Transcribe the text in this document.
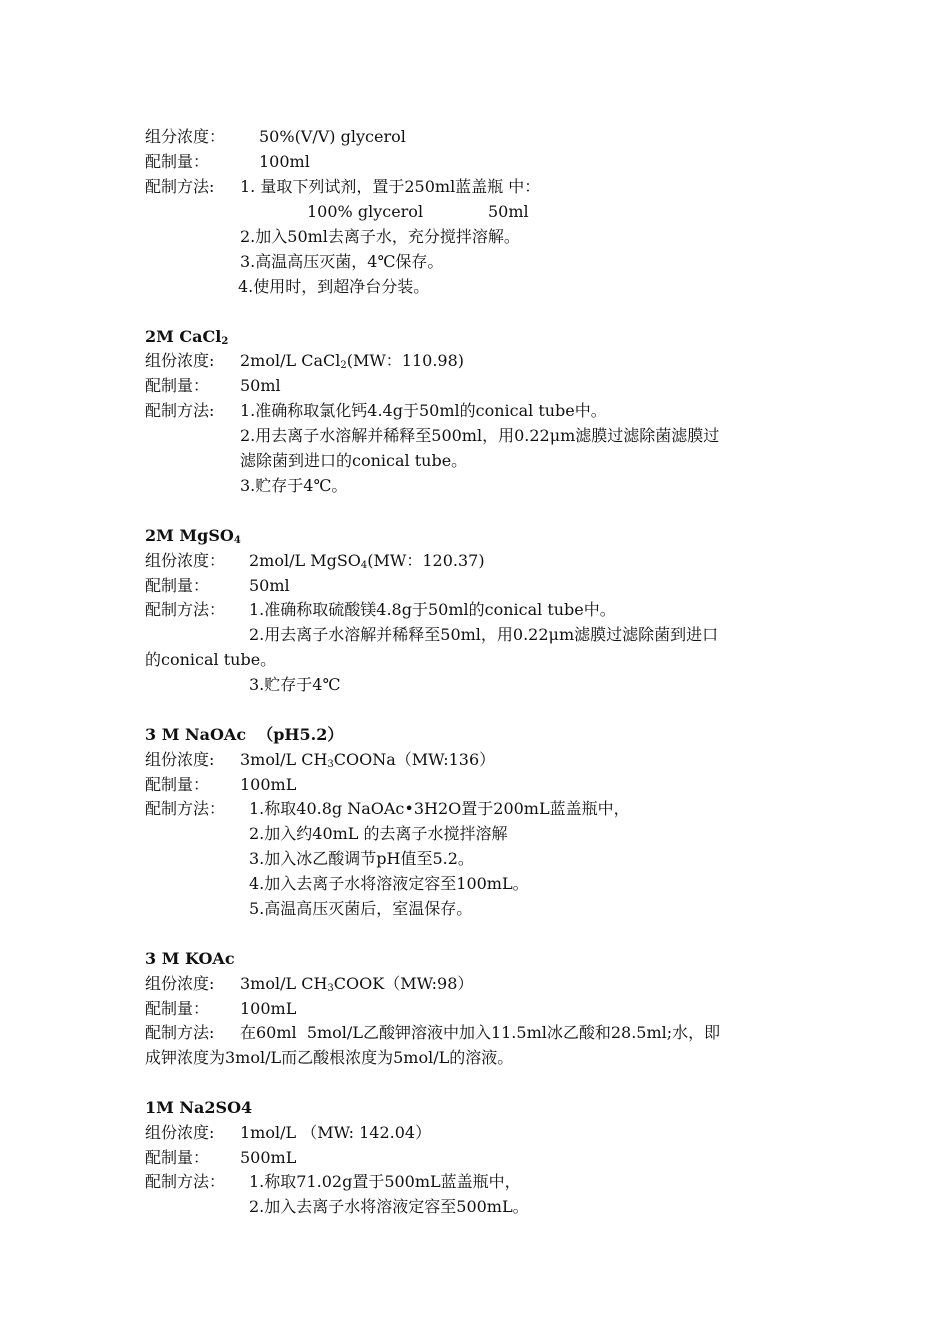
组分浓度： 50%(V/V) glycerol
配制量：	100ml
配制方法: 1. 量取下列试剂，置于250ml蓝盖瓶 中：
100% glycerol	50ml
2.加入50ml去离子水，充分搅拌溶解。
3.高温高压灭菌，4℃保存。
4.使用时，到超净台分装。
2M CaCl$_2$
组份浓度: 2mol/L CaCl$_2$(MW：110.98)
配制量： 50ml
配制方法: 1.准确称取氯化钙4.4g于50ml的conical tube中。
2.用去离子水溶解并稀释至500ml，用0.22μm滤膜过滤除菌滤膜过
滤除菌到进口的conical tube。
3.贮存于4℃。
2M MgSO$_4$
组份浓度： 2mol/L MgSO$_4$(MW：120.37)
配制量： 50ml
配制方法： 1.准确称取硫酸镁4.8g于50ml的conical tube中。
2.用去离子水溶解并稀释至50ml，用0.22μm滤膜过滤除菌到进口
的conical tube。
3.贮存于4℃
3 M NaOAc  （pH5.2）
组份浓度: 3mol/L $CH_3COONa(MW:136)$
配制量： 100mL
配制方法： 1.称取40.8g NaOAc•3H2O置于200mL蓝盖瓶中，
2.加入约40mL 的去离子水搅拌溶解
3.加入冰乙酸调节pH值至5.2。
4.加入去离子水将溶液定容至100mL。
5.高温高压灭菌后，室温保存。
3 M KOAc
组份浓度: 3mol/L $CH_3COOK(MW:98)$
配制量： 100mL
配制方法: 在60ml  5mol/L乙酸钾溶液中加入11.5ml冰乙酸和28.5ml;水，即
成钾浓度为3mol/L而乙酸根浓度为5mol/L的溶液。
1M Na2SO4
组份浓度: 1mol/L （MW: 142.04）
配制量： 500mL
配制方法： 1.称取71.02g置于500mL蓝盖瓶中，
2.加入去离子水将溶液定容至500mL。
